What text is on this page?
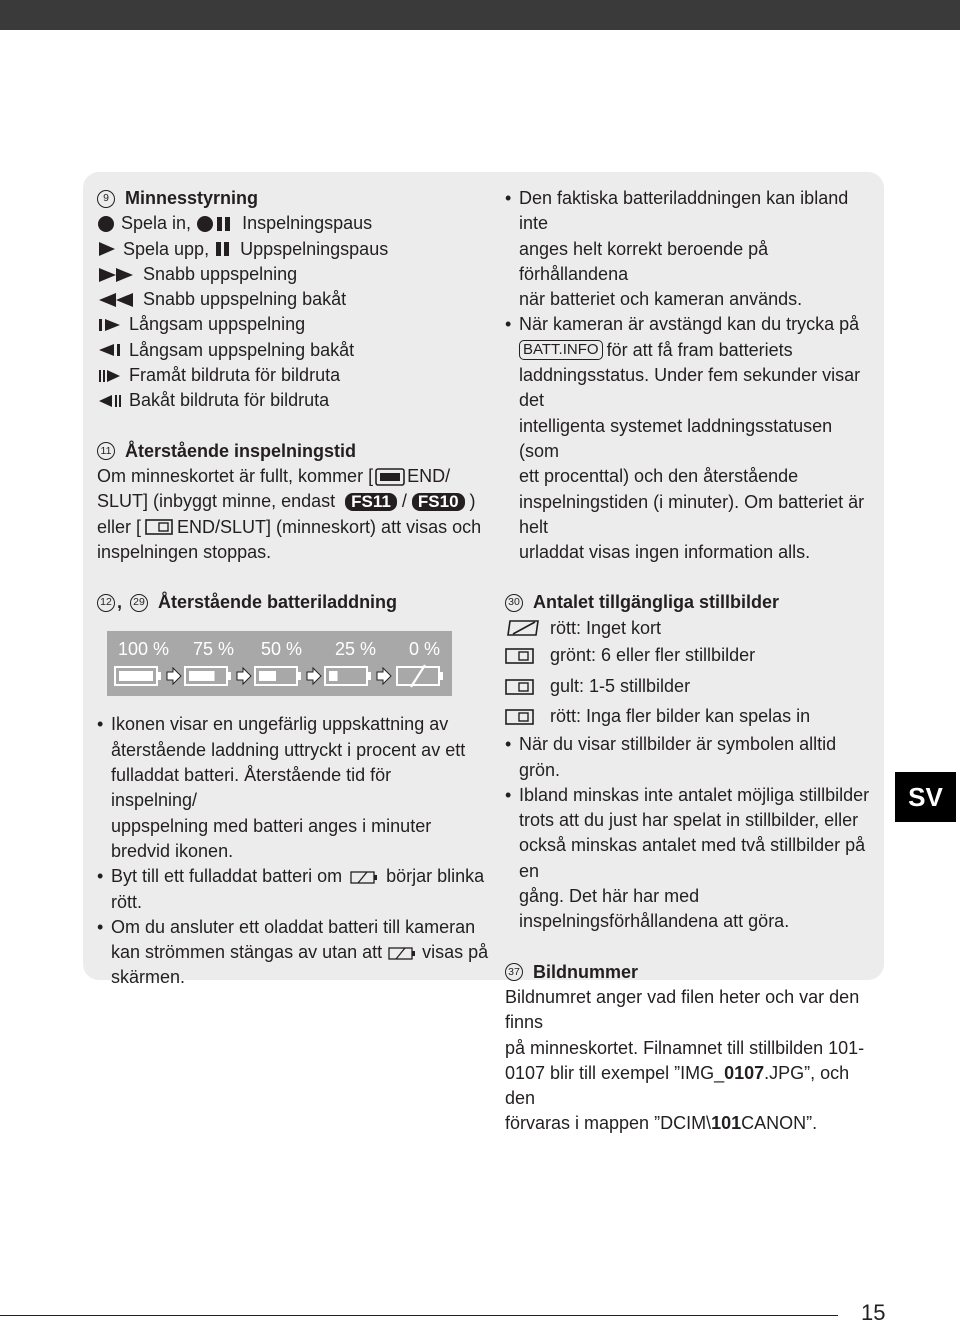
9 Minnesstyrning
Spela in,
	Inspelningspaus
Spela upp,
Uppspelningspaus
Snabb uppspelning
Snabb uppspelning bakåt
Långsam uppspelning
Långsam uppspelning bakåt
Framåt bildruta för bildruta
Bakåt bildruta för bildruta
11 Återstående inspelningstid
Om minneskortet är fullt, kommer [ END/
SLUT] (inbyggt minne, endast
FS11
/
FS10
)
eller [ END/SLUT] (minneskort) att visas och
inspelningen stoppas.
12 ,	29 Återstående batteriladdning
100 % 75 % 50 % 25 % 0 %
• Ikonen visar en ungefärlig uppskattning av
återstående laddning uttryckt i procent av ett
fulladdat batteri. Återstående tid för inspelning/
uppspelning med batteri anges i minuter
bredvid ikonen.
• Byt till ett fulladdat batteri om börjar blinka
rött.
• Om du ansluter ett oladdat batteri till kameran
kan strömmen stängas av utan att visas på
skärmen.
• Den faktiska batteriladdningen kan ibland inte
anges helt korrekt beroende på förhållandena
när batteriet och kameran används.
• När kameran är avstängd kan du trycka på
BATT.INFO för att få fram batteriets
laddningsstatus. Under fem sekunder visar det
intelligenta systemet laddningsstatusen (som
ett procenttal) och den återstående
inspelningstiden (i minuter). Om batteriet är helt
urladdat visas ingen information alls.
30 Antalet tillgängliga stillbilder
rött: Inget kort
grönt: 6 eller fler stillbilder
gult: 1-5 stillbilder
rött: Inga fler bilder kan spelas in
• När du visar stillbilder är symbolen alltid grön.
• Ibland minskas inte antalet möjliga stillbilder
trots att du just har spelat in stillbilder, eller
också minskas antalet med två stillbilder på en
gång. Det här har med
inspelningsförhållandena att göra.
37 Bildnummer
Bildnumret anger vad filen heter och var den finns
på minneskortet. Filnamnet till stillbilden 101-
0107 blir till exempel ”IMG_0107.JPG”, och den
förvaras i mappen ”DCIM\101CANON”.
SV
15
